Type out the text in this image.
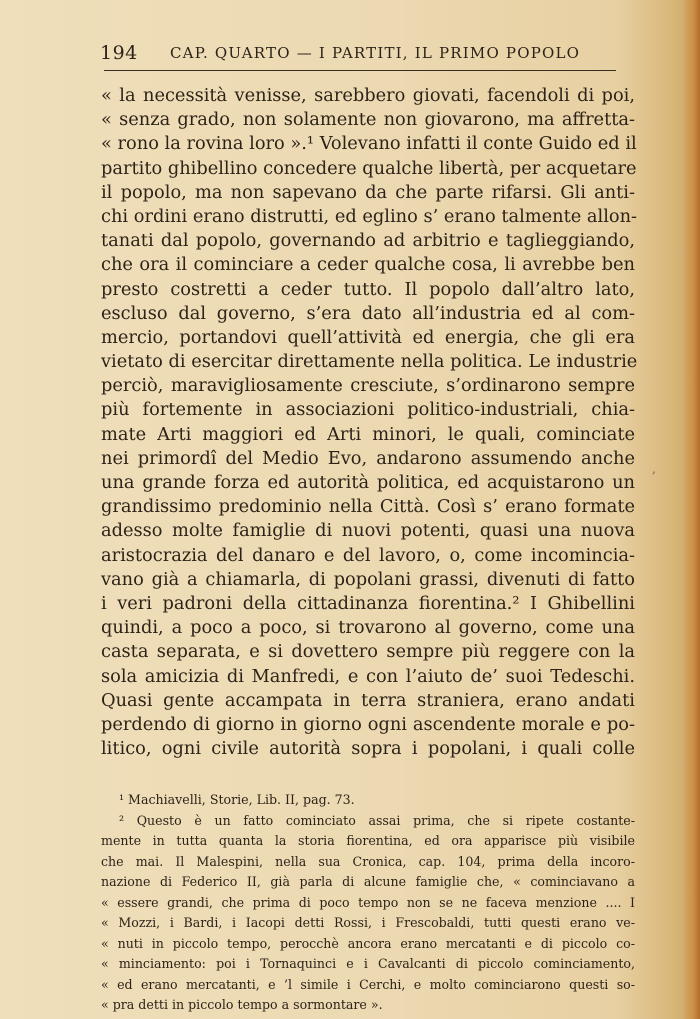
194 CAP. QUARTO — I PARTITI, IL PRIMO POPOLO
« la necessità venisse, sarebbero giovati, facendoli di poi,
« senza grado, non solamente non giovarono, ma affretta-
« rono la rovina loro ».¹ Volevano infatti il conte Guido ed il
partito ghibellino concedere qualche libertà, per acquetare
il popolo, ma non sapevano da che parte rifarsi. Gli anti-
chi ordini erano distrutti, ed eglino s’ erano talmente allon-
tanati dal popolo, governando ad arbitrio e taglieggiando,
che ora il cominciare a ceder qualche cosa, li avrebbe ben
presto costretti a ceder tutto. Il popolo dall’altro lato,
escluso dal governo, s’era dato all’industria ed al com-
mercio, portandovi quell’attività ed energia, che gli era
vietato di esercitar direttamente nella politica. Le industrie
perciò, maravigliosamente cresciute, s’ordinarono sempre
più fortemente in associazioni politico-industriali, chia-
mate Arti maggiori ed Arti minori, le quali, cominciate
nei primordî del Medio Evo, andarono assumendo anche
una grande forza ed autorità politica, ed acquistarono un
grandissimo predominio nella Città. Così s’ erano formate
adesso molte famiglie di nuovi potenti, quasi una nuova
aristocrazia del danaro e del lavoro, o, come incomincia-
vano già a chiamarla, di popolani grassi, divenuti di fatto
i veri padroni della cittadinanza fiorentina.² I Ghibellini
quindi, a poco a poco, si trovarono al governo, come una
casta separata, e si dovettero sempre più reggere con la
sola amicizia di Manfredi, e con l’aiuto de’ suoi Tedeschi.
Quasi gente accampata in terra straniera, erano andati
perdendo di giorno in giorno ogni ascendente morale e po-
litico, ogni civile autorità sopra i popolani, i quali colle
‚
¹ Machiavelli, Storie, Lib. II, pag. 73.
² Questo è un fatto cominciato assai prima, che si ripete costante-
mente in tutta quanta la storia fiorentina, ed ora apparisce più visibile
che mai. Il Malespini, nella sua Cronica, cap. 104, prima della incoro-
nazione di Federico II, già parla di alcune famiglie che, « cominciavano a
« essere grandi, che prima di poco tempo non se ne faceva menzione .... I
« Mozzi, i Bardi, i Iacopi detti Rossi, i Frescobaldi, tutti questi erano ve-
« nuti in piccolo tempo, perocchè ancora erano mercatanti e di piccolo co-
« minciamento: poi i Tornaquinci e i Cavalcanti di piccolo cominciamento,
« ed erano mercatanti, e ’l simile i Cerchi, e molto cominciarono questi so-
« pra detti in piccolo tempo a sormontare ».
